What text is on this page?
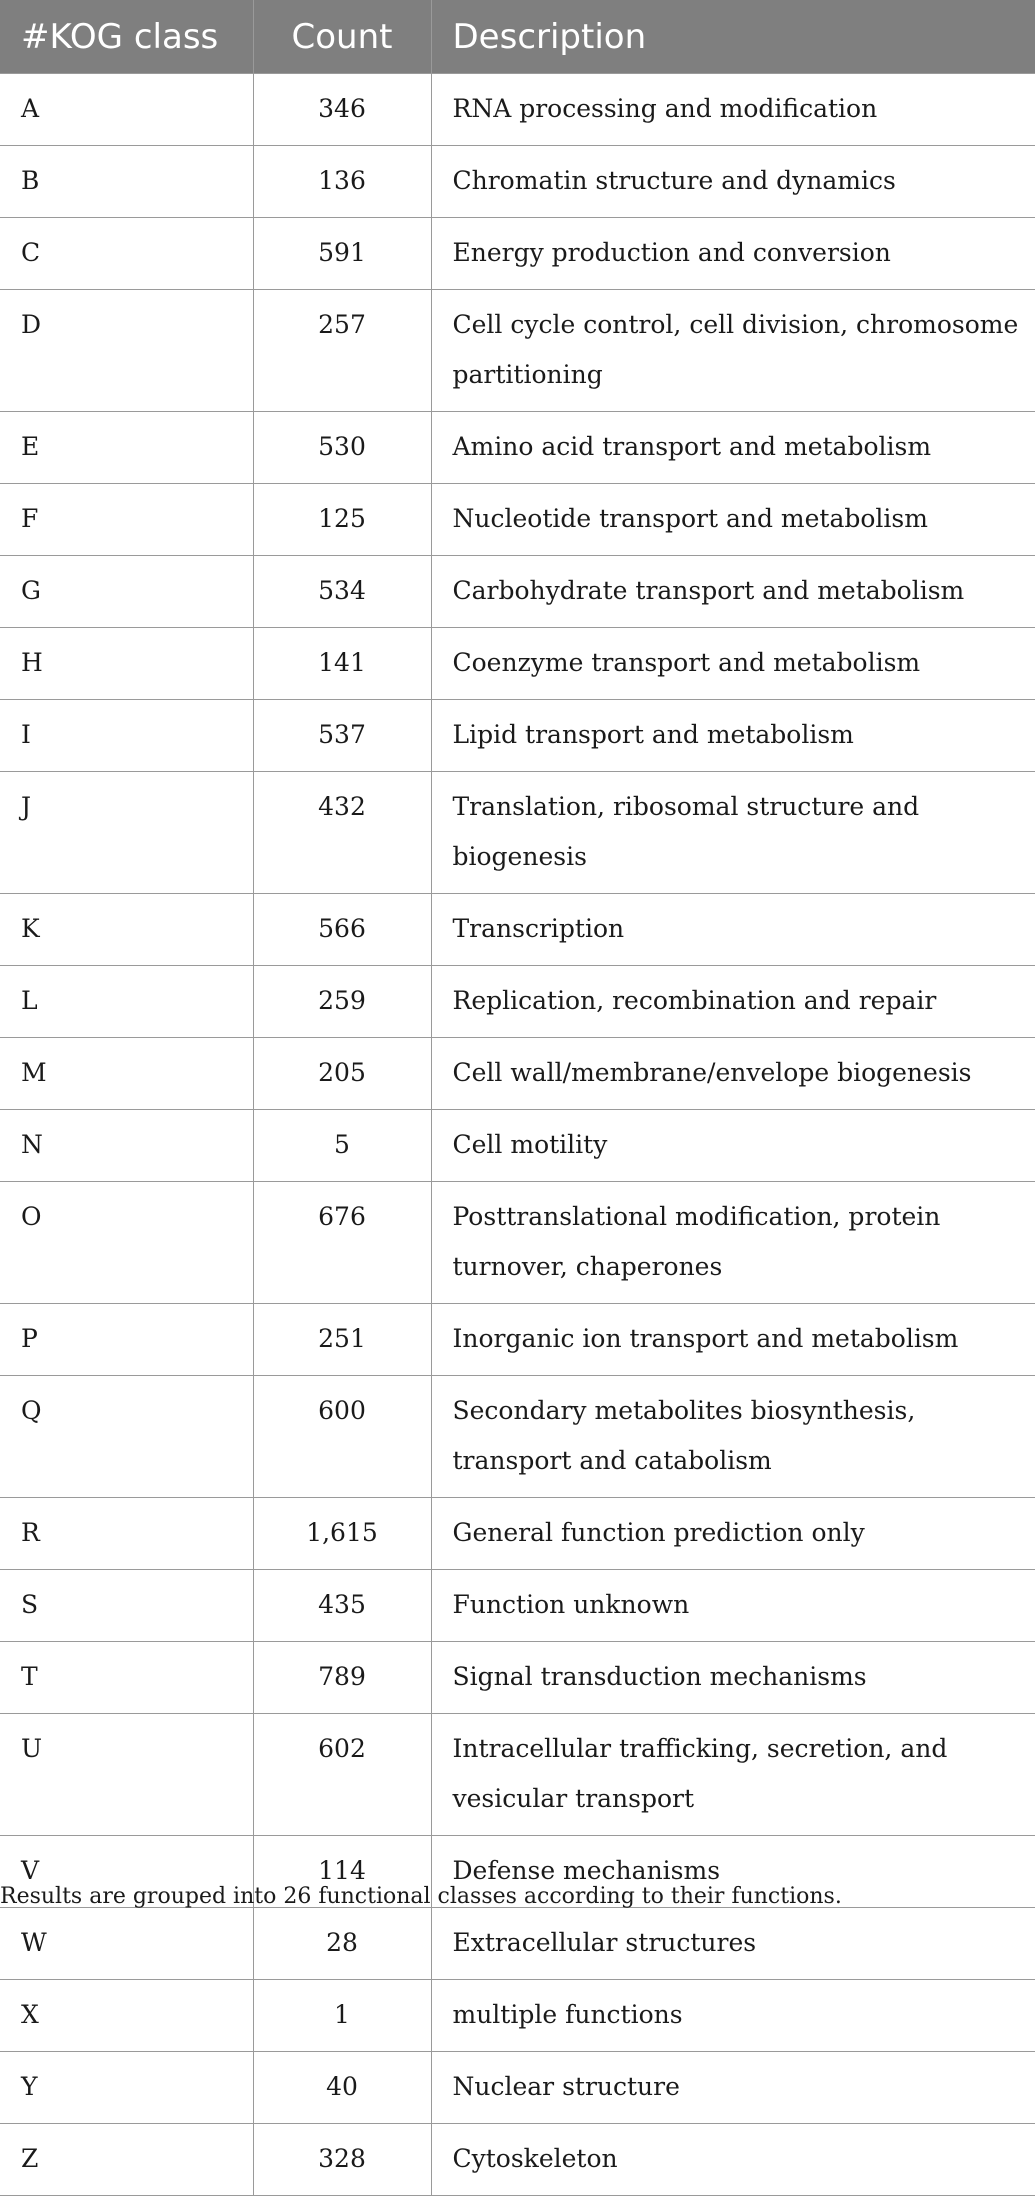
#KOG class	Count	Description
A	346	RNA processing and modification
B	136	Chromatin structure and dynamics
C	591	Energy production and conversion
D	257	Cell cycle control, cell division, chromosome partitioning
E	530	Amino acid transport and metabolism
F	125	Nucleotide transport and metabolism
G	534	Carbohydrate transport and metabolism
H	141	Coenzyme transport and metabolism
I	537	Lipid transport and metabolism
J	432	Translation, ribosomal structure and biogenesis
K	566	Transcription
L	259	Replication, recombination and repair
M	205	Cell wall/membrane/envelope biogenesis
N	5	Cell motility
O	676	Posttranslational modification, protein turnover, chaperones
P	251	Inorganic ion transport and metabolism
Q	600	Secondary metabolites biosynthesis, transport and catabolism
R	1,615	General function prediction only
S	435	Function unknown
T	789	Signal transduction mechanisms
U	602	Intracellular trafficking, secretion, and vesicular transport
V	114	Defense mechanisms
W	28	Extracellular structures
X	1	multiple functions
Y	40	Nuclear structure
Z	328	Cytoskeleton
Results are grouped into 26 functional classes according to their functions.
